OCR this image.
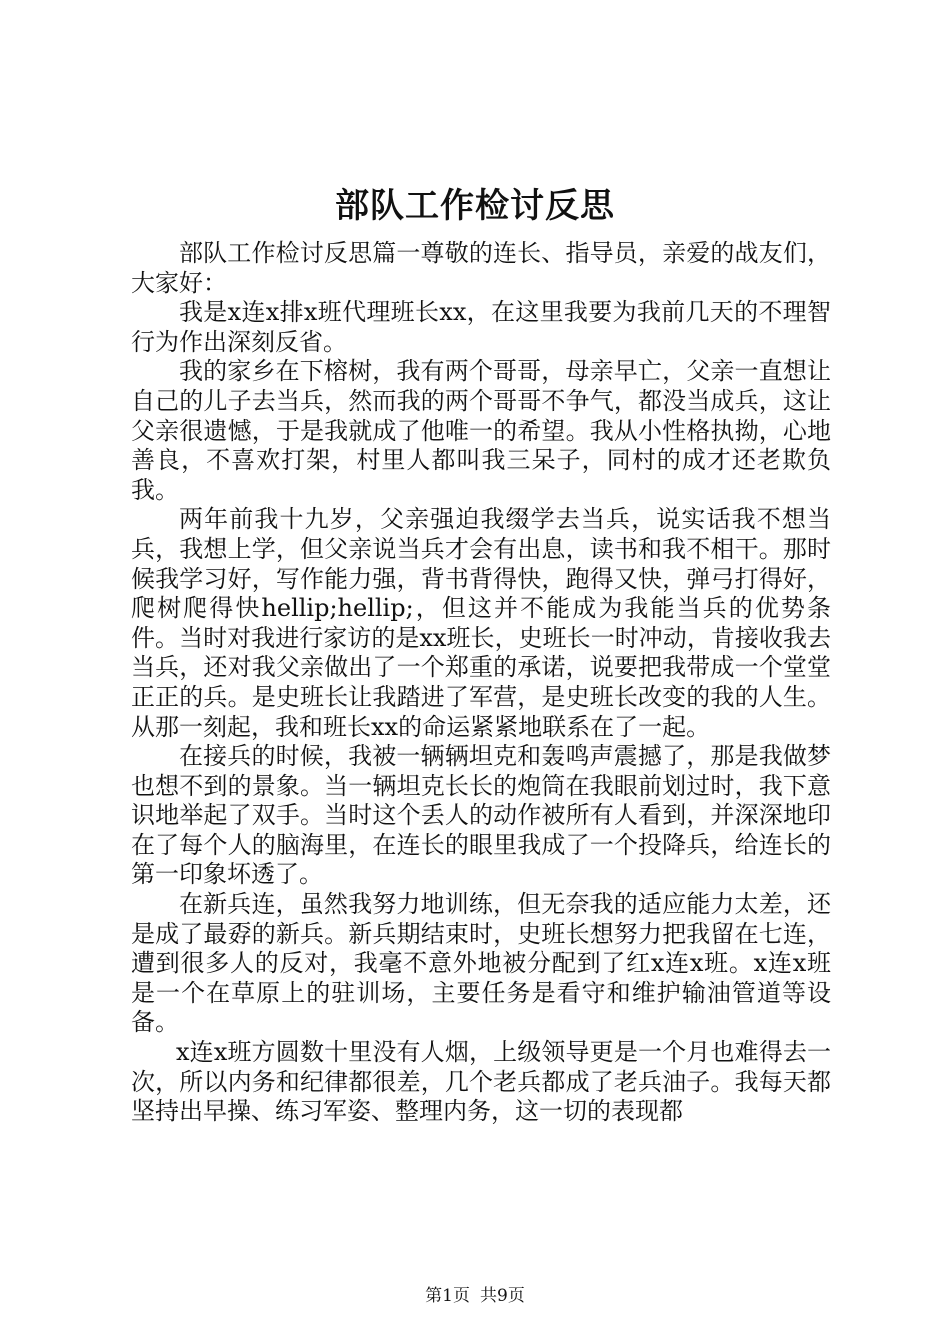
部队工作检讨反思

部队工作检讨反思篇一尊敬的连长、指导员，亲爱的战友们，大家好：

我是x连x排x班代理班长xx，在这里我要为我前几天的不理智行为作出深刻反省。

我的家乡在下榕树，我有两个哥哥，母亲早亡，父亲一直想让自己的儿子去当兵，然而我的两个哥哥不争气，都没当成兵，这让父亲很遗憾，于是我就成了他唯一的希望。我从小性格执拗，心地善良，不喜欢打架，村里人都叫我三呆子，同村的成才还老欺负我。

两年前我十九岁，父亲强迫我缀学去当兵，说实话我不想当兵，我想上学，但父亲说当兵才会有出息，读书和我不相干。那时候我学习好，写作能力强，背书背得快，跑得又快，弹弓打得好，爬树爬得快hellip;hellip;，但这并不能成为我能当兵的优势条件。当时对我进行家访的是xx班长，史班长一时冲动，肯接收我去当兵，还对我父亲做出了一个郑重的承诺，说要把我带成一个堂堂正正的兵。是史班长让我踏进了军营，是史班长改变的我的人生。从那一刻起，我和班长xx的命运紧紧地联系在了一起。

在接兵的时候，我被一辆辆坦克和轰鸣声震撼了，那是我做梦也想不到的景象。当一辆坦克长长的炮筒在我眼前划过时，我下意识地举起了双手。当时这个丢人的动作被所有人看到，并深深地印在了每个人的脑海里，在连长的眼里我成了一个投降兵，给连长的第一印象坏透了。

在新兵连，虽然我努力地训练，但无奈我的适应能力太差，还是成了最孬的新兵。新兵期结束时，史班长想努力把我留在七连，遭到很多人的反对，我毫不意外地被分配到了红x连x班。x连x班是一个在草原上的驻训场，主要任务是看守和维护输油管道等设备。

x连x班方圆数十里没有人烟，上级领导更是一个月也难得去一次，所以内务和纪律都很差，几个老兵都成了老兵油子。我每天都坚持出早操、练习军姿、整理内务，这一切的表现都

第1页 共9页
